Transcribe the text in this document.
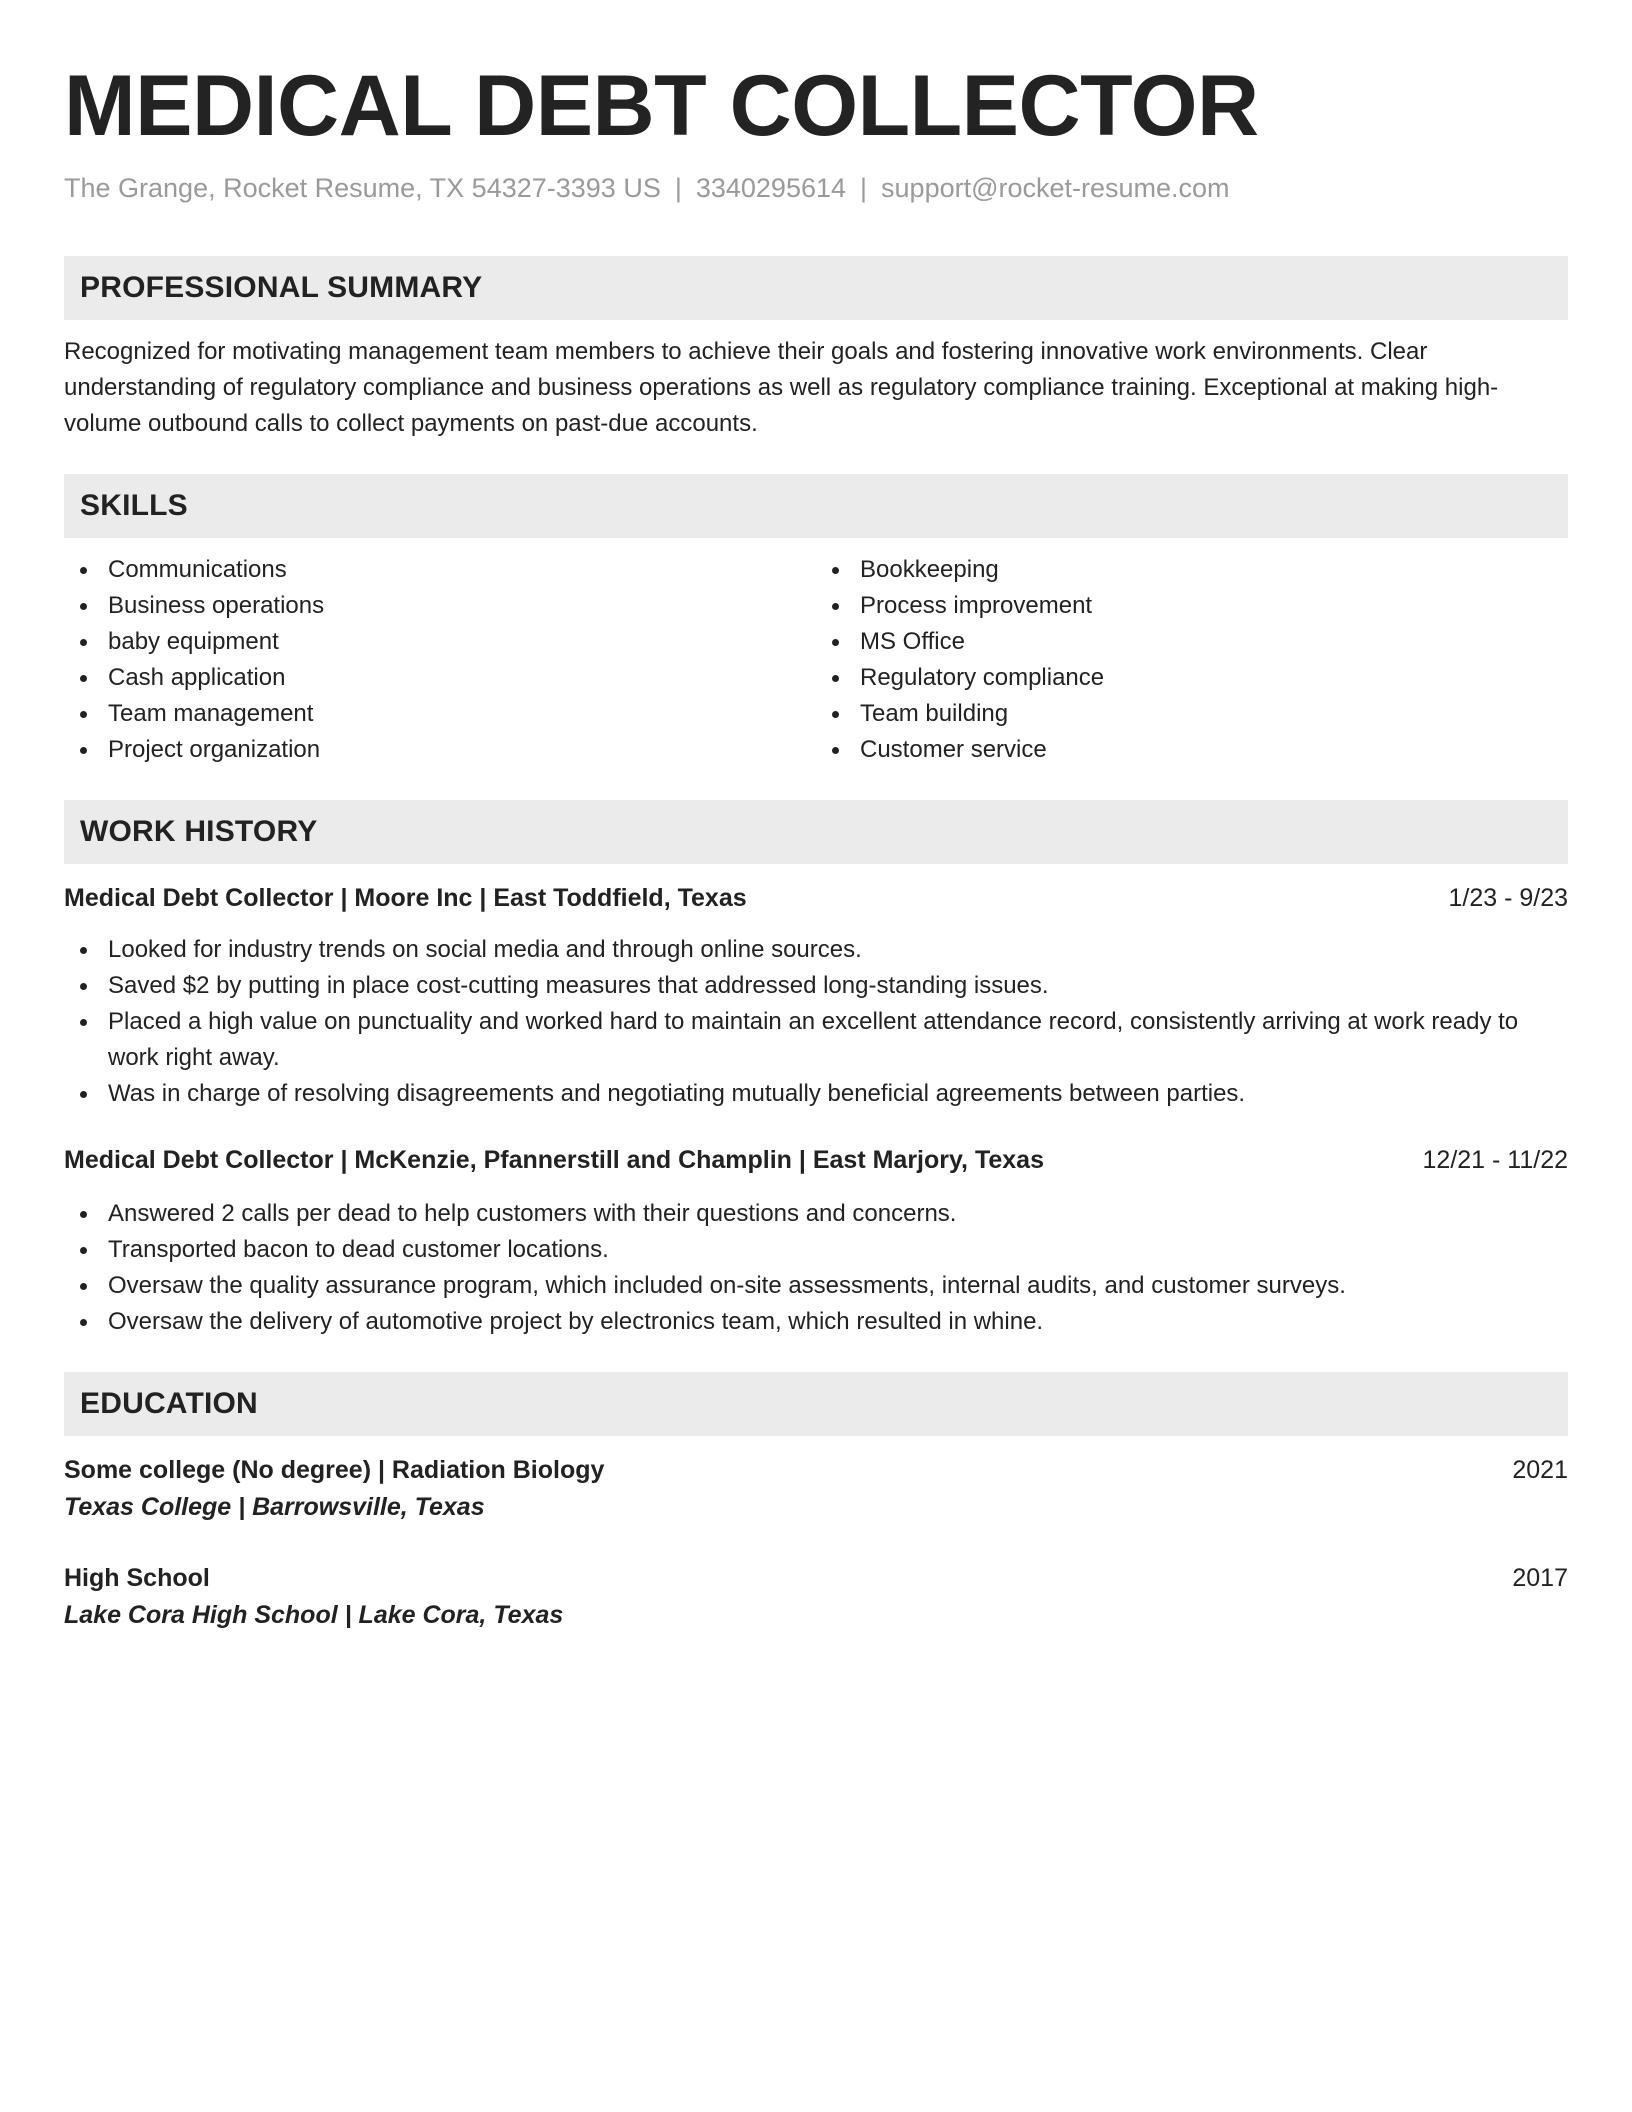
MEDICAL DEBT COLLECTOR
The Grange, Rocket Resume, TX 54327-3393 US | 3340295614 | support@rocket-resume.com
PROFESSIONAL SUMMARY
Recognized for motivating management team members to achieve their goals and fostering innovative work environments. Clear understanding of regulatory compliance and business operations as well as regulatory compliance training. Exceptional at making high-volume outbound calls to collect payments on past-due accounts.
SKILLS
Communications
Business operations
baby equipment
Cash application
Team management
Project organization
Bookkeeping
Process improvement
MS Office
Regulatory compliance
Team building
Customer service
WORK HISTORY
Medical Debt Collector | Moore Inc | East Toddfield, Texas	1/23 - 9/23
Looked for industry trends on social media and through online sources.
Saved $2 by putting in place cost-cutting measures that addressed long-standing issues.
Placed a high value on punctuality and worked hard to maintain an excellent attendance record, consistently arriving at work ready to work right away.
Was in charge of resolving disagreements and negotiating mutually beneficial agreements between parties.
Medical Debt Collector | McKenzie, Pfannerstill and Champlin | East Marjory, Texas	12/21 - 11/22
Answered 2 calls per dead to help customers with their questions and concerns.
Transported bacon to dead customer locations.
Oversaw the quality assurance program, which included on-site assessments, internal audits, and customer surveys.
Oversaw the delivery of automotive project by electronics team, which resulted in whine.
EDUCATION
Some college (No degree) | Radiation Biology	2021
Texas College | Barrowsville, Texas
High School	2017
Lake Cora High School | Lake Cora, Texas
